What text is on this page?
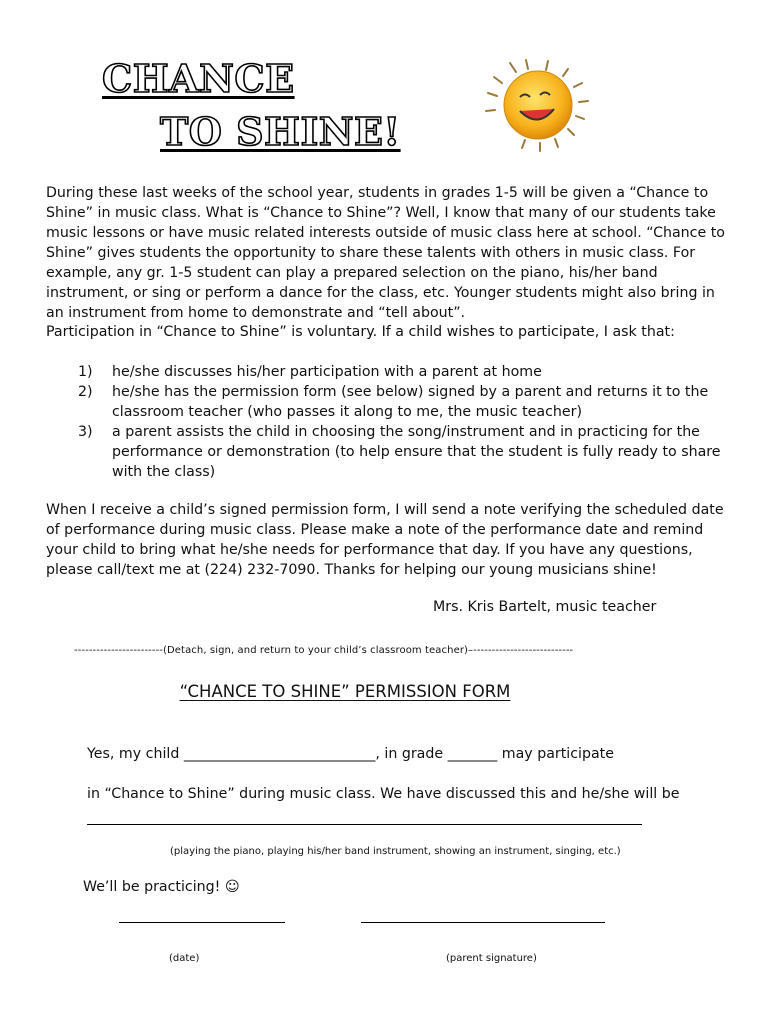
CHANCE
TO SHINE!
During these last weeks of the school year, students in grades 1-5 will be given a “Chance to Shine” in music class. What is “Chance to Shine”? Well, I know that many of our students take music lessons or have music related interests outside of music class here at school. “Chance to Shine” gives students the opportunity to share these talents with others in music class. For example, any gr. 1-5 student can play a prepared selection on the piano, his/her band instrument, or sing or perform a dance for the class, etc. Younger students might also bring in an instrument from home to demonstrate and “tell about”.
Participation in “Chance to Shine” is voluntary. If a child wishes to participate, I ask that:
1) he/she discusses his/her participation with a parent at home
2) he/she has the permission form (see below) signed by a parent and returns it to the classroom teacher (who passes it along to me, the music teacher)
3) a parent assists the child in choosing the song/instrument and in practicing for the performance or demonstration (to help ensure that the student is fully ready to share with the class)
When I receive a child’s signed permission form, I will send a note verifying the scheduled date of performance during music class. Please make a note of the performance date and remind your child to bring what he/she needs for performance that day. If you have any questions, please call/text me at (224) 232-7090. Thanks for helping our young musicians shine!
Mrs. Kris Bartelt, music teacher
------------------------(Detach, sign, and return to your child’s classroom teacher)–---------------------------
“CHANCE TO SHINE” PERMISSION FORM
Yes, my child ___________________________, in grade _______ may participate
in “Chance to Shine” during music class. We have discussed this and he/she will be
(playing the piano, playing his/her band instrument, showing an instrument, singing, etc.)
We’ll be practicing! ☺
(date)	(parent signature)
